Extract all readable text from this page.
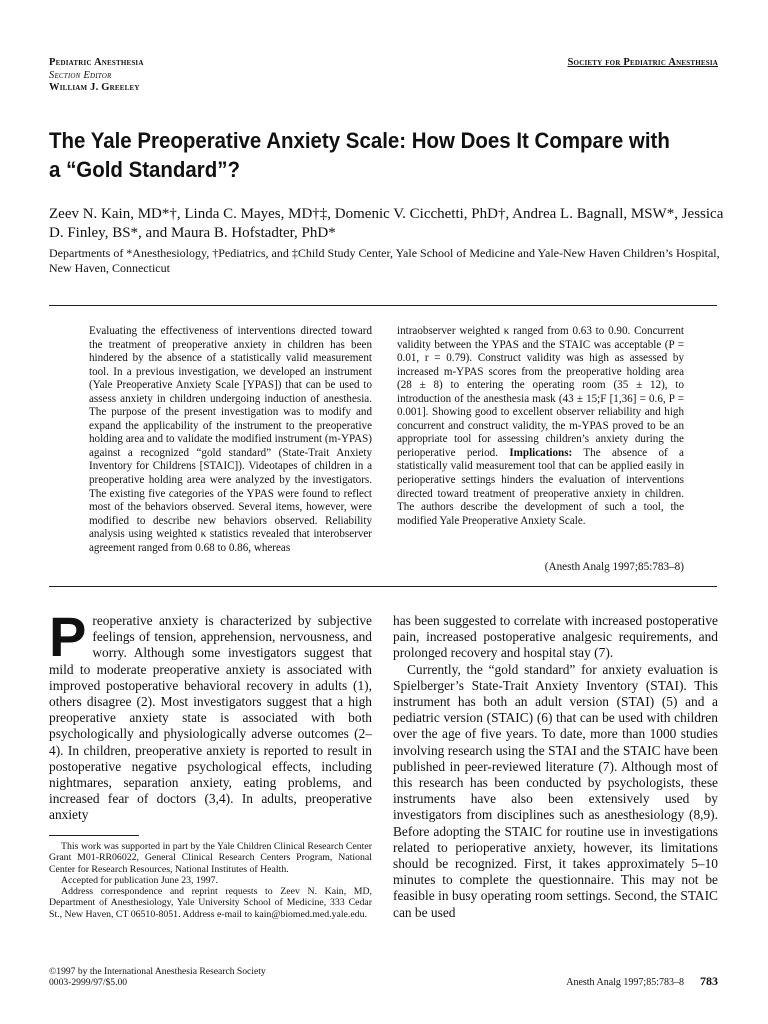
Pediatric Anesthesia
Section Editor
William J. Greeley
Society for Pediatric Anesthesia
The Yale Preoperative Anxiety Scale: How Does It Compare with a “Gold Standard”?
Zeev N. Kain, MD*†, Linda C. Mayes, MD†‡, Domenic V. Cicchetti, PhD†, Andrea L. Bagnall, MSW*, Jessica D. Finley, BS*, and Maura B. Hofstadter, PhD*
Departments of *Anesthesiology, †Pediatrics, and ‡Child Study Center, Yale School of Medicine and Yale-New Haven Children’s Hospital, New Haven, Connecticut
Evaluating the effectiveness of interventions directed toward the treatment of preoperative anxiety in children has been hindered by the absence of a statistically valid measurement tool. In a previous investigation, we developed an instrument (Yale Preoperative Anxiety Scale [YPAS]) that can be used to assess anxiety in children undergoing induction of anesthesia. The purpose of the present investigation was to modify and expand the applicability of the instrument to the preoperative holding area and to validate the modified instrument (m-YPAS) against a recognized “gold standard” (State-Trait Anxiety Inventory for Childrens [STAIC]). Videotapes of children in a preoperative holding area were analyzed by the investigators. The existing five categories of the YPAS were found to reflect most of the behaviors observed. Several items, however, were modified to describe new behaviors observed. Reliability analysis using weighted κ statistics revealed that interobserver agreement ranged from 0.68 to 0.86, whereas
intraobserver weighted κ ranged from 0.63 to 0.90. Concurrent validity between the YPAS and the STAIC was acceptable (P = 0.01, r = 0.79). Construct validity was high as assessed by increased m-YPAS scores from the preoperative holding area (28 ± 8) to entering the operating room (35 ± 12), to introduction of the anesthesia mask (43 ± 15;F [1,36] = 0.6, P = 0.001]. Showing good to excellent observer reliability and high concurrent and construct validity, the m-YPAS proved to be an appropriate tool for assessing children’s anxiety during the perioperative period. Implications: The absence of a statistically valid measurement tool that can be applied easily in perioperative settings hinders the evaluation of interventions directed toward treatment of preoperative anxiety in children. The authors describe the development of such a tool, the modified Yale Preoperative Anxiety Scale.
(Anesth Analg 1997;85:783–8)
Preoperative anxiety is characterized by subjective feelings of tension, apprehension, nervousness, and worry. Although some investigators suggest that mild to moderate preoperative anxiety is associated with improved postoperative behavioral recovery in adults (1), others disagree (2). Most investigators suggest that a high preoperative anxiety state is associated with both psychologically and physiologically adverse outcomes (2–4). In children, preoperative anxiety is reported to result in postoperative negative psychological effects, including nightmares, separation anxiety, eating problems, and increased fear of doctors (3,4). In adults, preoperative anxiety
has been suggested to correlate with increased postoperative pain, increased postoperative analgesic requirements, and prolonged recovery and hospital stay (7).
Currently, the “gold standard” for anxiety evaluation is Spielberger’s State-Trait Anxiety Inventory (STAI). This instrument has both an adult version (STAI) (5) and a pediatric version (STAIC) (6) that can be used with children over the age of five years. To date, more than 1000 studies involving research using the STAI and the STAIC have been published in peer-reviewed literature (7). Although most of this research has been conducted by psychologists, these instruments have also been extensively used by investigators from disciplines such as anesthesiology (8,9). Before adopting the STAIC for routine use in investigations related to perioperative anxiety, however, its limitations should be recognized. First, it takes approximately 5–10 minutes to complete the questionnaire. This may not be feasible in busy operating room settings. Second, the STAIC can be used

This work was supported in part by the Yale Children Clinical Research Center Grant M01-RR06022, General Clinical Research Centers Program, National Center for Research Resources, National Institutes of Health.

Accepted for publication June 23, 1997.

Address correspondence and reprint requests to Zeev N. Kain, MD, Department of Anesthesiology, Yale University School of Medicine, 333 Cedar St., New Haven, CT 06510-8051. Address e-mail to kain@biomed.med.yale.edu.

©1997 by the International Anesthesia Research Society
0003-2999/97/$5.00	Anesth Analg 1997;85:783–8 783
